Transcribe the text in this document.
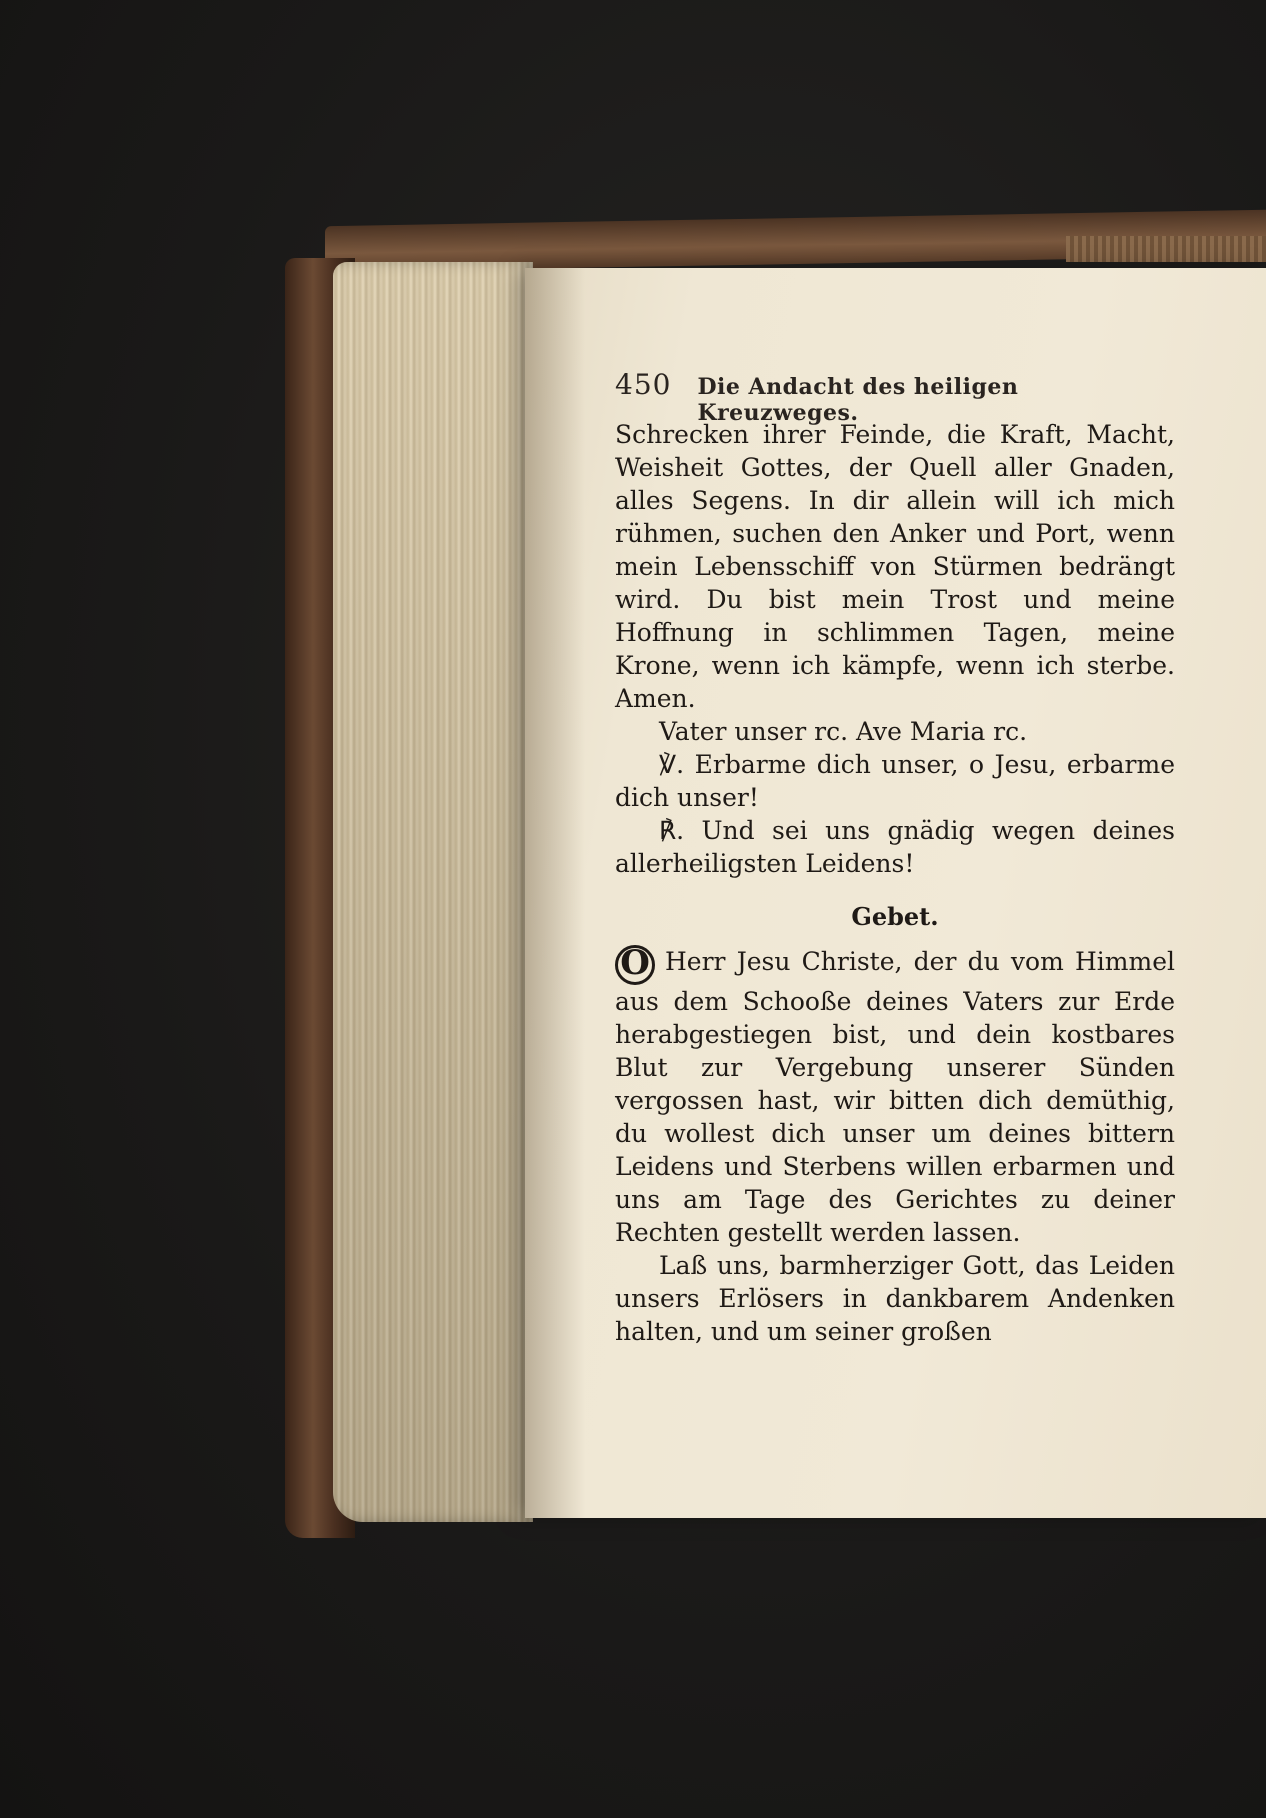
450 Die Andacht des heiligen Kreuzweges.

Schrecken ihrer Feinde, die Kraft, Macht, Weisheit Gottes, der Quell aller Gnaden, alles Segens. In dir allein will ich mich rühmen, suchen den Anker und Port, wenn mein Lebensschiff von Stürmen bedrängt wird. Du bist mein Trost und meine Hoffnung in schlimmen Tagen, meine Krone, wenn ich kämpfe, wenn ich sterbe. Amen.

Vater unser rc. Ave Maria rc.

℣. Erbarme dich unser, o Jesu, erbarme dich unser!

℟. Und sei uns gnädig wegen deines allerheiligsten Leidens!

Gebet.

O Herr Jesu Christe, der du vom Himmel aus dem Schooße deines Vaters zur Erde herabgestiegen bist, und dein kostbares Blut zur Vergebung unserer Sünden vergossen hast, wir bitten dich demüthig, du wollest dich unser um deines bittern Leidens und Sterbens willen erbarmen und uns am Tage des Gerichtes zu deiner Rechten gestellt werden lassen.

Laß uns, barmherziger Gott, das Leiden unsers Erlösers in dankbarem Andenken halten, und um seiner großen
